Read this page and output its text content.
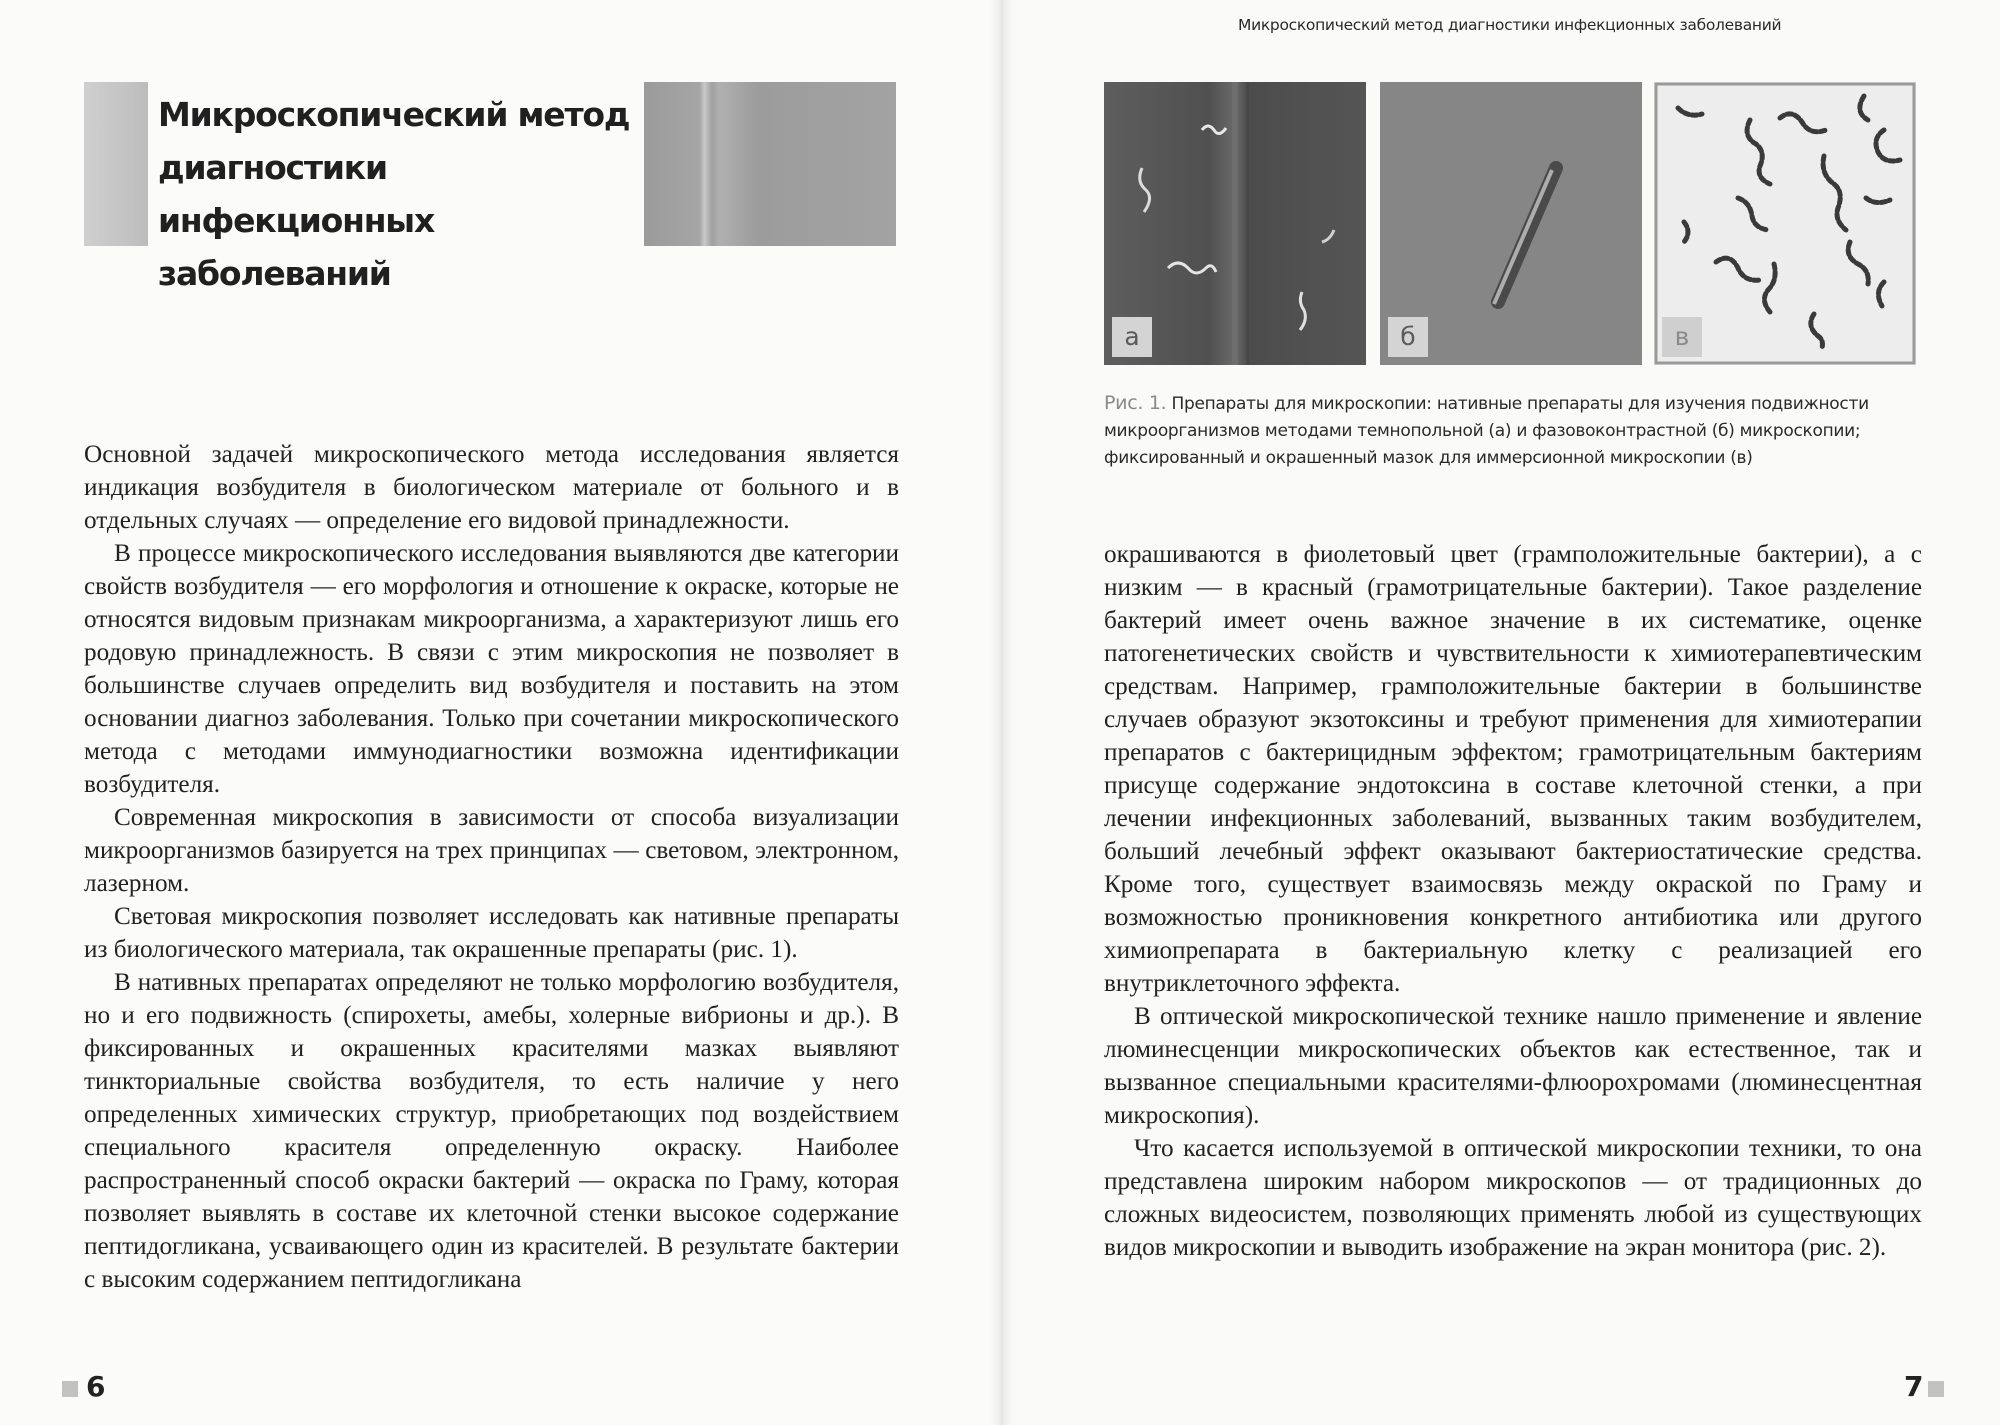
Микроскопический метод диагностики инфекционных заболеваний

Основной задачей микроскопического метода исследования является индикация возбудителя в биологическом материале от больного и в отдельных случаях — определение его видовой принадлежности.

В процессе микроскопического исследования выявляются две категории свойств возбудителя — его морфология и отношение к окраске, которые не относятся видовым признакам микроорганизма, а характеризуют лишь его родовую принадлежность. В связи с этим микроскопия не позволяет в большинстве случаев определить вид возбудителя и поставить на этом основании диагноз заболевания. Только при сочетании микроскопического метода с методами иммунодиагностики возможна идентификации возбудителя.

Современная микроскопия в зависимости от способа визуализации микроорганизмов базируется на трех принципах — световом, электронном, лазерном.

Световая микроскопия позволяет исследовать как нативные препараты из биологического материала, так окрашенные препараты (рис. 1).

В нативных препаратах определяют не только морфологию возбудителя, но и его подвижность (спирохеты, амебы, холерные вибрионы и др.). В фиксированных и окрашенных красителями мазках выявляют тинкториальные свойства возбудителя, то есть наличие у него определенных химических структур, приобретающих под воздействием специального красителя определенную окраску. Наиболее распространенный способ окраски бактерий — окраска по Граму, которая позволяет выявлять в составе их клеточной стенки высокое содержание пептидогликана, усваивающего один из красителей. В результате бактерии с высоким содержанием пептидогликана

6
Микроскопический метод диагностики инфекционных заболеваний
а	б	в
Рис. 1. Препараты для микроскопии: нативные препараты для изучения подвижности микроорганизмов методами темнопольной (а) и фазовоконтрастной (б) микроскопии; фиксированный и окрашенный мазок для иммерсионной микроскопии (в)

окрашиваются в фиолетовый цвет (грамположительные бактерии), а с низким — в красный (грамотрицательные бактерии). Такое разделение бактерий имеет очень важное значение в их систематике, оценке патогенетических свойств и чувствительности к химиотерапевтическим средствам. Например, грамположительные бактерии в большинстве случаев образуют экзотоксины и требуют применения для химиотерапии препаратов с бактерицидным эффектом; грамотрицательным бактериям присуще содержание эндотоксина в составе клеточной стенки, а при лечении инфекционных заболеваний, вызванных таким возбудителем, больший лечебный эффект оказывают бактериостатические средства. Кроме того, существует взаимосвязь между окраской по Граму и возможностью проникновения конкретного антибиотика или другого химиопрепарата в бактериальную клетку с реализацией его внутриклеточного эффекта.

В оптической микроскопической технике нашло применение и явление люминесценции микроскопических объектов как естественное, так и вызванное специальными красителями-флюорохромами (люминесцентная микроскопия).

Что касается используемой в оптической микроскопии техники, то она представлена широким набором микроскопов — от традиционных до сложных видеосистем, позволяющих применять любой из существующих видов микроскопии и выводить изображение на экран монитора (рис. 2).

7
